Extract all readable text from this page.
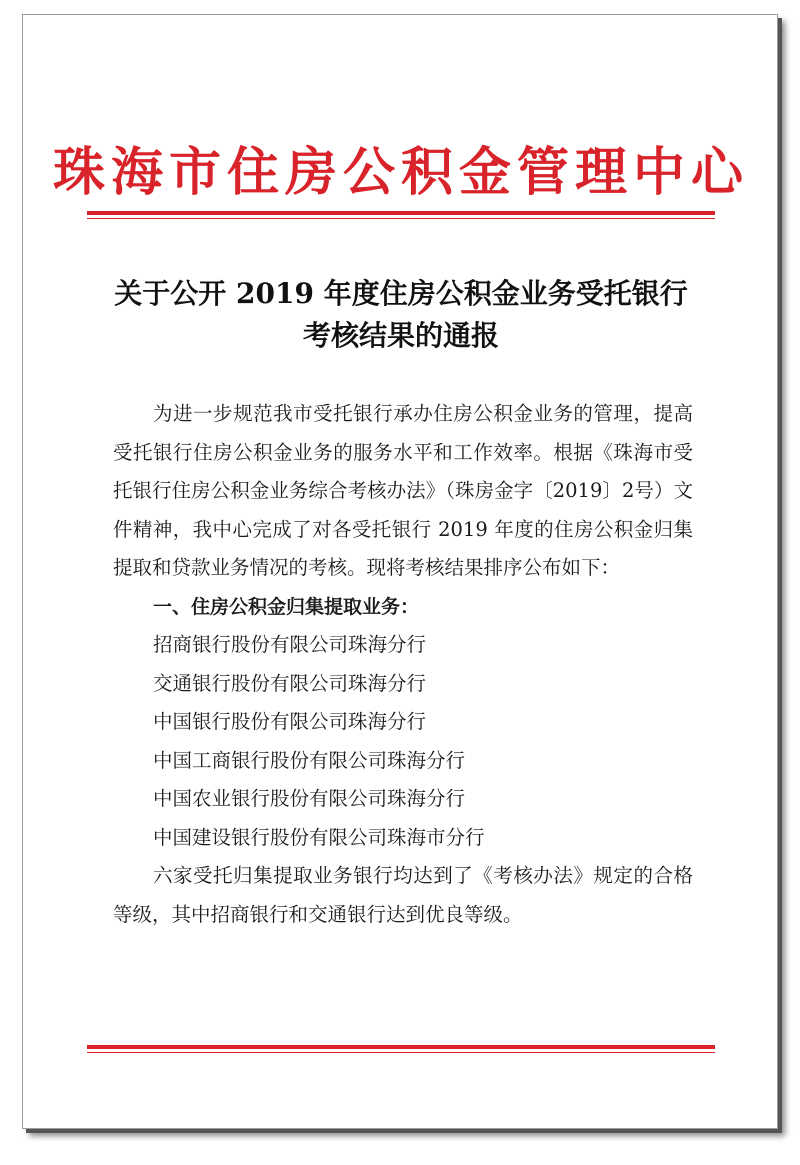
珠海市住房公积金管理中心
关于公开 2019 年度住房公积金业务受托银行
考核结果的通报

为进一步规范我市受托银行承办住房公积金业务的管理，提高受托银行住房公积金业务的服务水平和工作效率。根据《珠海市受托银行住房公积金业务综合考核办法》（珠房金字〔2019〕2号）文件精神，我中心完成了对各受托银行 2019 年度的住房公积金归集提取和贷款业务情况的考核。现将考核结果排序公布如下：

一、住房公积金归集提取业务：

招商银行股份有限公司珠海分行
交通银行股份有限公司珠海分行
中国银行股份有限公司珠海分行
中国工商银行股份有限公司珠海分行
中国农业银行股份有限公司珠海分行
中国建设银行股份有限公司珠海市分行

六家受托归集提取业务银行均达到了《考核办法》规定的合格等级，其中招商银行和交通银行达到优良等级。
